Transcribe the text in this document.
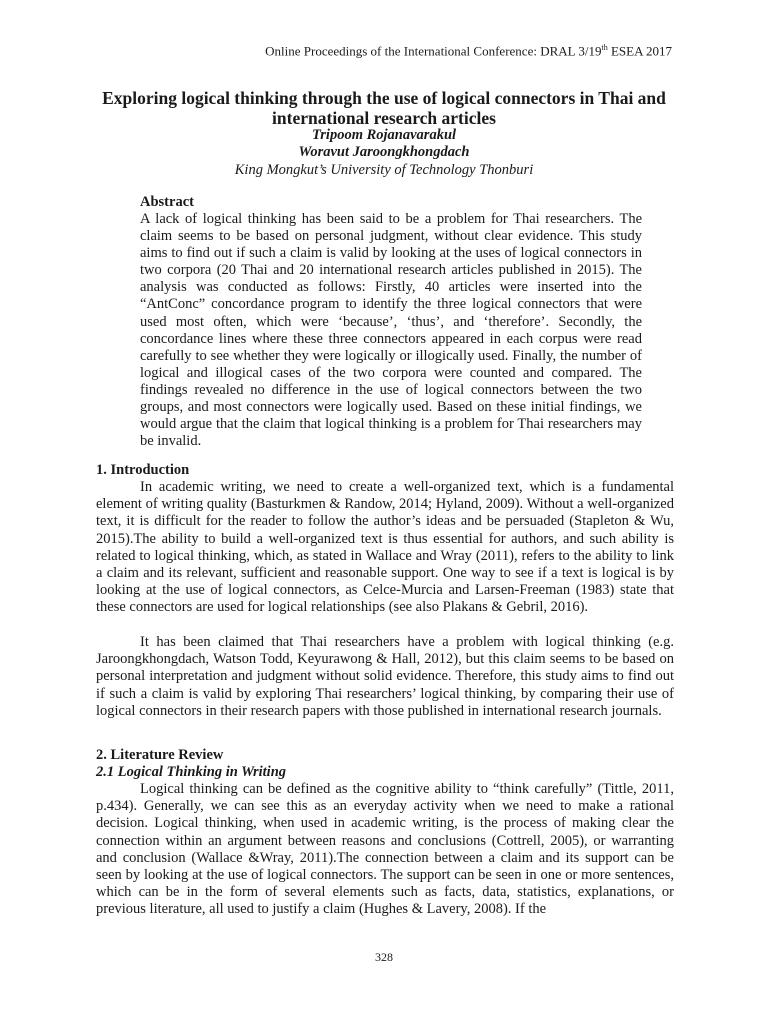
Online Proceedings of the International Conference: DRAL 3/19th ESEA 2017
Exploring logical thinking through the use of logical connectors in Thai and international research articles
Tripoom Rojanavarakul
Woravut Jaroongkhongdach
King Mongkut’s University of Technology Thonburi
Abstract
A lack of logical thinking has been said to be a problem for Thai researchers. The claim seems to be based on personal judgment, without clear evidence. This study aims to find out if such a claim is valid by looking at the uses of logical connectors in two corpora (20 Thai and 20 international research articles published in 2015). The analysis was conducted as follows: Firstly, 40 articles were inserted into the “AntConc” concordance program to identify the three logical connectors that were used most often, which were ‘because’, ‘thus’, and ‘therefore’. Secondly, the concordance lines where these three connectors appeared in each corpus were read carefully to see whether they were logically or illogically used. Finally, the number of logical and illogical cases of the two corpora were counted and compared. The findings revealed no difference in the use of logical connectors between the two groups, and most connectors were logically used. Based on these initial findings, we would argue that the claim that logical thinking is a problem for Thai researchers may be invalid.
1. Introduction

In academic writing, we need to create a well-organized text, which is a fundamental element of writing quality (Basturkmen & Randow, 2014; Hyland, 2009). Without a well-organized text, it is difficult for the reader to follow the author’s ideas and be persuaded (Stapleton & Wu, 2015).The ability to build a well-organized text is thus essential for authors, and such ability is related to logical thinking, which, as stated in Wallace and Wray (2011), refers to the ability to link a claim and its relevant, sufficient and reasonable support. One way to see if a text is logical is by looking at the use of logical connectors, as Celce-Murcia and Larsen-Freeman (1983) state that these connectors are used for logical relationships (see also Plakans & Gebril, 2016).

It has been claimed that Thai researchers have a problem with logical thinking (e.g. Jaroongkhongdach, Watson Todd, Keyurawong & Hall, 2012), but this claim seems to be based on personal interpretation and judgment without solid evidence. Therefore, this study aims to find out if such a claim is valid by exploring Thai researchers’ logical thinking, by comparing their use of logical connectors in their research papers with those published in international research journals.

2. Literature Review
2.1 Logical Thinking in Writing

Logical thinking can be defined as the cognitive ability to “think carefully” (Tittle, 2011, p.434). Generally, we can see this as an everyday activity when we need to make a rational decision. Logical thinking, when used in academic writing, is the process of making clear the connection within an argument between reasons and conclusions (Cottrell, 2005), or warranting and conclusion (Wallace &Wray, 2011).The connection between a claim and its support can be seen by looking at the use of logical connectors. The support can be seen in one or more sentences, which can be in the form of several elements such as facts, data, statistics, explanations, or previous literature, all used to justify a claim (Hughes & Lavery, 2008). If the

328
